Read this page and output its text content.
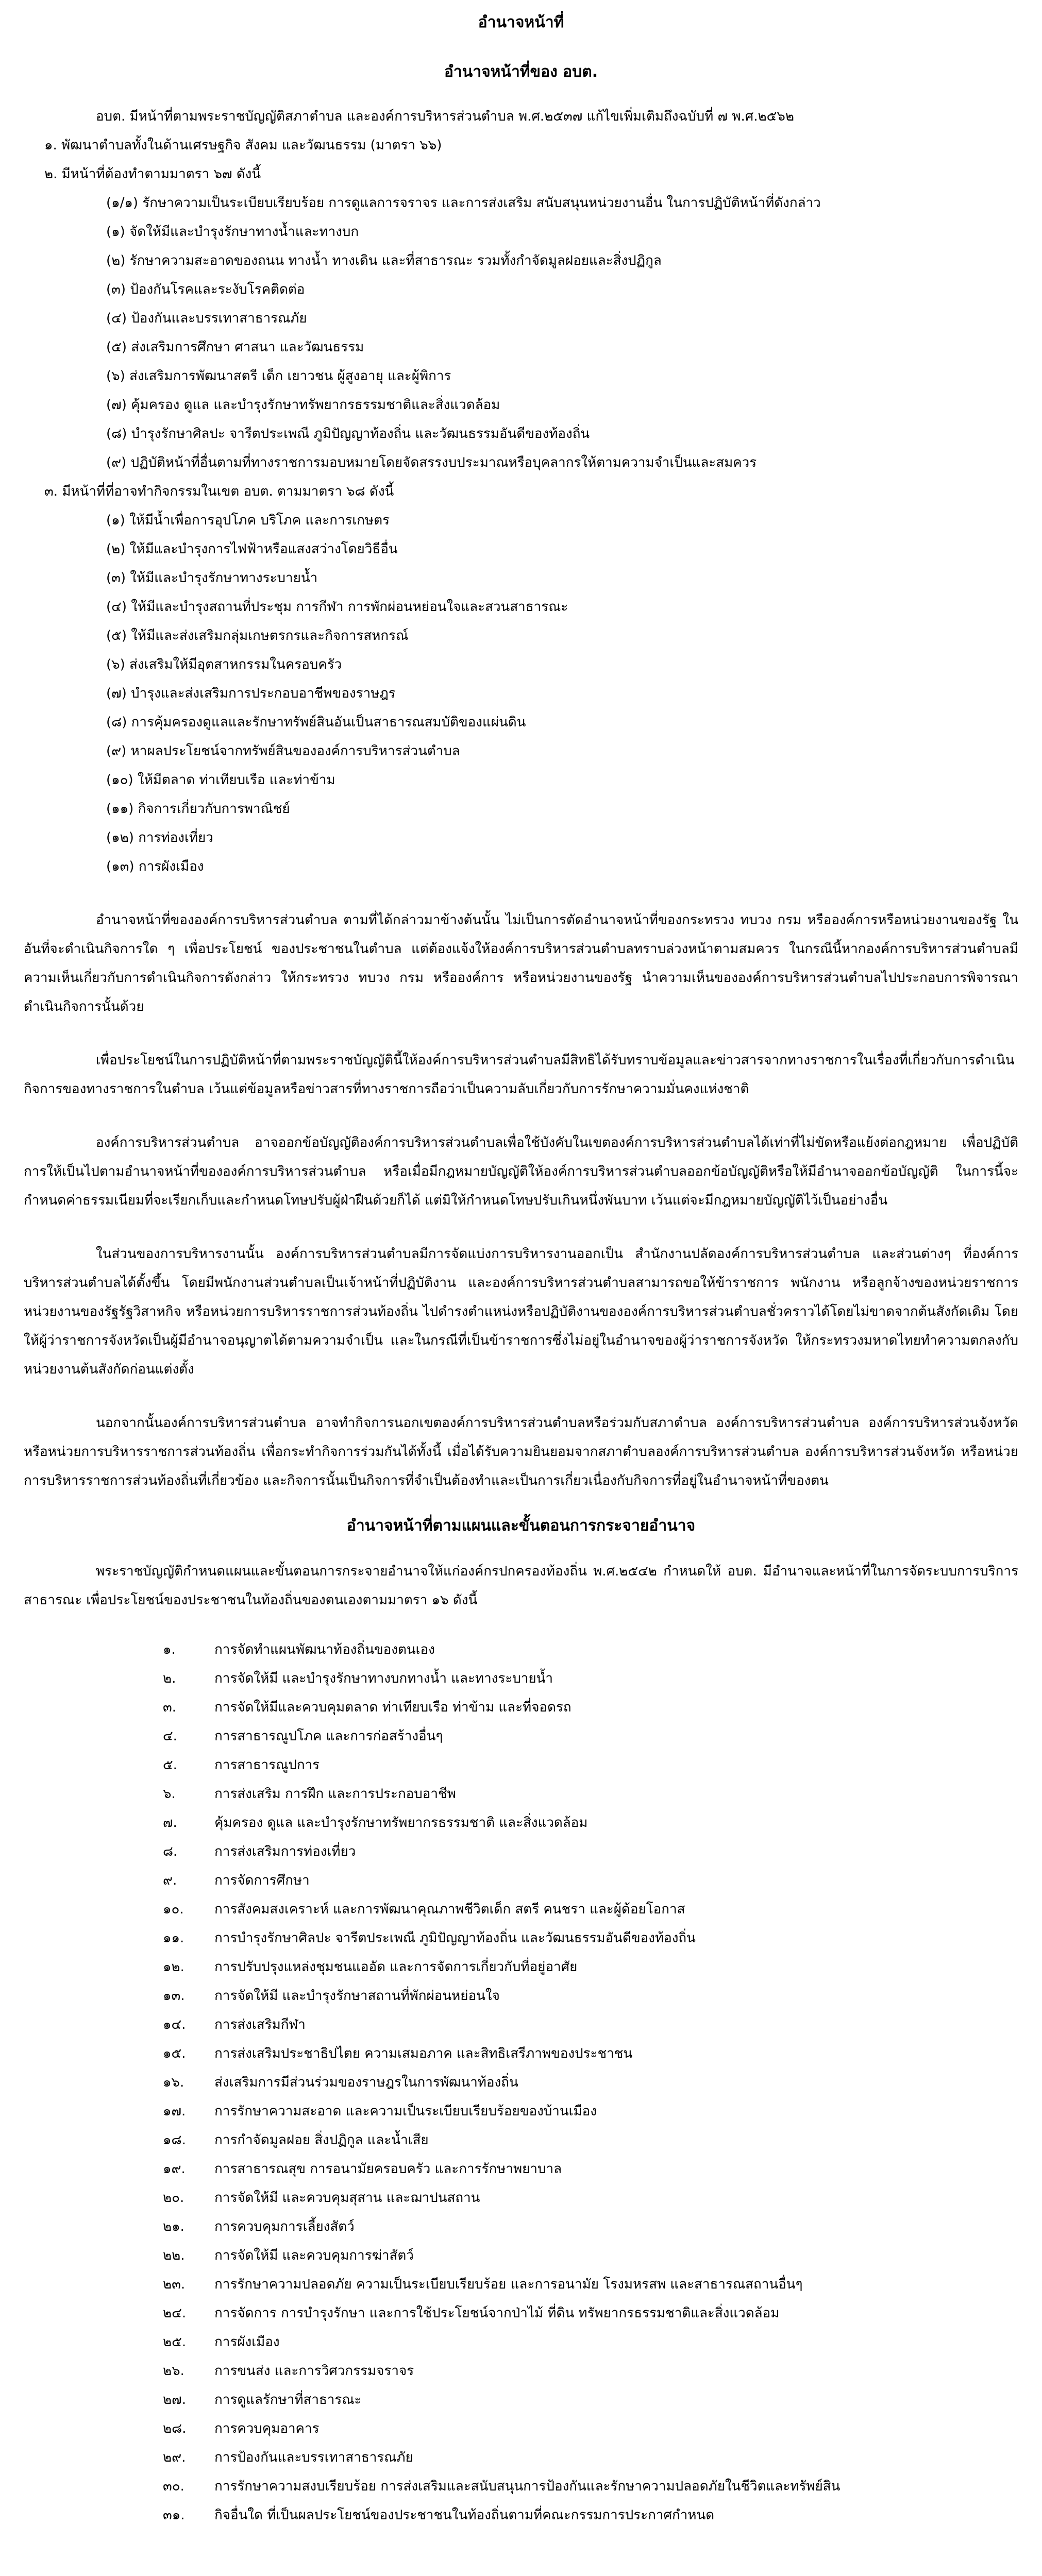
อำนาจหน้าที่
อำนาจหน้าที่ของ อบต.

อบต. มีหน้าที่ตามพระราชบัญญัติสภาตำบล และองค์การบริหารส่วนตำบล พ.ศ.๒๕๓๗ แก้ไขเพิ่มเติมถึงฉบับที่ ๗ พ.ศ.๒๕๖๒

๑. พัฒนาตำบลทั้งในด้านเศรษฐกิจ สังคม และวัฒนธรรม (มาตรา ๖๖)

๒. มีหน้าที่ต้องทำตามมาตรา ๖๗ ดังนี้

(๑/๑) รักษาความเป็นระเบียบเรียบร้อย การดูแลการจราจร และการส่งเสริม สนับสนุนหน่วยงานอื่น ในการปฏิบัติหน้าที่ดังกล่าว

(๑) จัดให้มีและบำรุงรักษาทางน้ำและทางบก
(๒) รักษาความสะอาดของถนน ทางน้ำ ทางเดิน และที่สาธารณะ รวมทั้งกำจัดมูลฝอยและสิ่งปฏิกูล
(๓) ป้องกันโรคและระงับโรคติดต่อ
(๔) ป้องกันและบรรเทาสาธารณภัย
(๕) ส่งเสริมการศึกษา ศาสนา และวัฒนธรรม
(๖) ส่งเสริมการพัฒนาสตรี เด็ก เยาวชน ผู้สูงอายุ และผู้พิการ
(๗) คุ้มครอง ดูแล และบำรุงรักษาทรัพยากรธรรมชาติและสิ่งแวดล้อม
(๘) บำรุงรักษาศิลปะ จารีตประเพณี ภูมิปัญญาท้องถิ่น และวัฒนธรรมอันดีของท้องถิ่น
(๙) ปฏิบัติหน้าที่อื่นตามที่ทางราชการมอบหมายโดยจัดสรรงบประมาณหรือบุคลากรให้ตามความจำเป็นและสมควร

๓. มีหน้าที่ที่อาจทำกิจกรรมในเขต อบต. ตามมาตรา ๖๘ ดังนี้

(๑) ให้มีน้ำเพื่อการอุปโภค บริโภค และการเกษตร
(๒) ให้มีและบำรุงการไฟฟ้าหรือแสงสว่างโดยวิธีอื่น
(๓) ให้มีและบำรุงรักษาทางระบายน้ำ
(๔) ให้มีและบำรุงสถานที่ประชุม การกีฬา การพักผ่อนหย่อนใจและสวนสาธารณะ
(๕) ให้มีและส่งเสริมกลุ่มเกษตรกรและกิจการสหกรณ์
(๖) ส่งเสริมให้มีอุตสาหกรรมในครอบครัว
(๗) บำรุงและส่งเสริมการประกอบอาชีพของราษฎร
(๘) การคุ้มครองดูแลและรักษาทรัพย์สินอันเป็นสาธารณสมบัติของแผ่นดิน
(๙) หาผลประโยชน์จากทรัพย์สินขององค์การบริหารส่วนตำบล
(๑๐) ให้มีตลาด ท่าเทียบเรือ และท่าข้าม
(๑๑) กิจการเกี่ยวกับการพาณิชย์
(๑๒) การท่องเที่ยว
(๑๓) การผังเมือง

อำนาจหน้าที่ขององค์การบริหารส่วนตำบล ตามที่ได้กล่าวมาข้างต้นนั้น ไม่เป็นการตัดอำนาจหน้าที่ของกระทรวง ทบวง กรม หรือองค์การหรือหน่วยงานของรัฐ ในอันที่จะดำเนินกิจการใด ๆ เพื่อประโยชน์ ของประชาชนในตำบล แต่ต้องแจ้งให้องค์การบริหารส่วนตำบลทราบล่วงหน้าตามสมควร ในกรณีนี้หากองค์การบริหารส่วนตำบลมีความเห็นเกี่ยวกับการดำเนินกิจการดังกล่าว ให้กระทรวง ทบวง กรม หรือองค์การ หรือหน่วยงานของรัฐ นำความเห็นขององค์การบริหารส่วนตำบลไปประกอบการพิจารณาดำเนินกิจการนั้นด้วย

เพื่อประโยชน์ในการปฏิบัติหน้าที่ตามพระราชบัญญัตินี้ให้องค์การบริหารส่วนตำบลมีสิทธิได้รับทราบข้อมูลและข่าวสารจากทางราชการในเรื่องที่เกี่ยวกับการดำเนินกิจการของทางราชการในตำบล เว้นแต่ข้อมูลหรือข่าวสารที่ทางราชการถือว่าเป็นความลับเกี่ยวกับการรักษาความมั่นคงแห่งชาติ

องค์การบริหารส่วนตำบล อาจออกข้อบัญญัติองค์การบริหารส่วนตำบลเพื่อใช้บังคับในเขตองค์การบริหารส่วนตำบลได้เท่าที่ไม่ขัดหรือแย้งต่อกฎหมาย เพื่อปฏิบัติการให้เป็นไปตามอำนาจหน้าที่ขององค์การบริหารส่วนตำบล หรือเมื่อมีกฎหมายบัญญัติให้องค์การบริหารส่วนตำบลออกข้อบัญญัติหรือให้มีอำนาจออกข้อบัญญัติ ในการนี้จะกำหนดค่าธรรมเนียมที่จะเรียกเก็บและกำหนดโทษปรับผู้ฝ่าฝืนด้วยก็ได้ แต่มิให้กำหนดโทษปรับเกินหนึ่งพันบาท เว้นแต่จะมีกฎหมายบัญญัติไว้เป็นอย่างอื่น

ในส่วนของการบริหารงานนั้น องค์การบริหารส่วนตำบลมีการจัดแบ่งการบริหารงานออกเป็น สำนักงานปลัดองค์การบริหารส่วนตำบล และส่วนต่างๆ ที่องค์การบริหารส่วนตำบลได้ตั้งขึ้น โดยมีพนักงานส่วนตำบลเป็นเจ้าหน้าที่ปฏิบัติงาน และองค์การบริหารส่วนตำบลสามารถขอให้ข้าราชการ พนักงาน หรือลูกจ้างของหน่วยราชการ หน่วยงานของรัฐรัฐวิสาหกิจ หรือหน่วยการบริหารราชการส่วนท้องถิ่น ไปดำรงตำแหน่งหรือปฏิบัติงานขององค์การบริหารส่วนตำบลชั่วคราวได้โดยไม่ขาดจากต้นสังกัดเดิม โดยให้ผู้ว่าราชการจังหวัดเป็นผู้มีอำนาจอนุญาตได้ตามความจำเป็น และในกรณีที่เป็นข้าราชการซึ่งไม่อยู่ในอำนาจของผู้ว่าราชการจังหวัด ให้กระทรวงมหาดไทยทำความตกลงกับหน่วยงานต้นสังกัดก่อนแต่งตั้ง

นอกจากนั้นองค์การบริหารส่วนตำบล อาจทำกิจการนอกเขตองค์การบริหารส่วนตำบลหรือร่วมกับสภาตำบล องค์การบริหารส่วนตำบล องค์การบริหารส่วนจังหวัด หรือหน่วยการบริหารราชการส่วนท้องถิ่น เพื่อกระทำกิจการร่วมกันได้ทั้งนี้ เมื่อได้รับความยินยอมจากสภาตำบลองค์การบริหารส่วนตำบล องค์การบริหารส่วนจังหวัด หรือหน่วยการบริหารราชการส่วนท้องถิ่นที่เกี่ยวข้อง และกิจการนั้นเป็นกิจการที่จำเป็นต้องทำและเป็นการเกี่ยวเนื่องกับกิจการที่อยู่ในอำนาจหน้าที่ของตน

อำนาจหน้าที่ตามแผนและขั้นตอนการกระจายอำนาจ

พระราชบัญญัติกำหนดแผนและขั้นตอนการกระจายอำนาจให้แก่องค์กรปกครองท้องถิ่น พ.ศ.๒๕๔๒ กำหนดให้ อบต. มีอำนาจและหน้าที่ในการจัดระบบการบริการสาธารณะ เพื่อประโยชน์ของประชาชนในท้องถิ่นของตนเองตามมาตรา ๑๖ ดังนี้

๑.	การจัดทำแผนพัฒนาท้องถิ่นของตนเอง
๒.	การจัดให้มี และบำรุงรักษาทางบกทางน้ำ และทางระบายน้ำ
๓.	การจัดให้มีและควบคุมตลาด ท่าเทียบเรือ ท่าข้าม และที่จอดรถ
๔.	การสาธารณูปโภค และการก่อสร้างอื่นๆ
๕.	การสาธารณูปการ
๖.	การส่งเสริม การฝึก และการประกอบอาชีพ
๗.	คุ้มครอง ดูแล และบำรุงรักษาทรัพยากรธรรมชาติ และสิ่งแวดล้อม
๘.	การส่งเสริมการท่องเที่ยว
๙.	การจัดการศึกษา
๑๐. การสังคมสงเคราะห์ และการพัฒนาคุณภาพชีวิตเด็ก สตรี คนชรา และผู้ด้อยโอกาส
๑๑. การบำรุงรักษาศิลปะ จารีตประเพณี ภูมิปัญญาท้องถิ่น และวัฒนธรรมอันดีของท้องถิ่น
๑๒. การปรับปรุงแหล่งชุมชนแออัด และการจัดการเกี่ยวกับที่อยู่อาศัย
๑๓. การจัดให้มี และบำรุงรักษาสถานที่พักผ่อนหย่อนใจ
๑๔. การส่งเสริมกีฬา
๑๕. การส่งเสริมประชาธิปไตย ความเสมอภาค และสิทธิเสรีภาพของประชาชน
๑๖. ส่งเสริมการมีส่วนร่วมของราษฎรในการพัฒนาท้องถิ่น
๑๗. การรักษาความสะอาด และความเป็นระเบียบเรียบร้อยของบ้านเมือง
๑๘. การกำจัดมูลฝอย สิ่งปฏิกูล และน้ำเสีย
๑๙. การสาธารณสุข การอนามัยครอบครัว และการรักษาพยาบาล
๒๐. การจัดให้มี และควบคุมสุสาน และฌาปนสถาน
๒๑. การควบคุมการเลี้ยงสัตว์
๒๒. การจัดให้มี และควบคุมการฆ่าสัตว์
๒๓. การรักษาความปลอดภัย ความเป็นระเบียบเรียบร้อย และการอนามัย โรงมหรสพ และสาธารณสถานอื่นๆ
๒๔. การจัดการ การบำรุงรักษา และการใช้ประโยชน์จากป่าไม้ ที่ดิน ทรัพยากรธรรมชาติและสิ่งแวดล้อม
๒๕. การผังเมือง
๒๖. การขนส่ง และการวิศวกรรมจราจร
๒๗. การดูแลรักษาที่สาธารณะ
๒๘. การควบคุมอาคาร
๒๙. การป้องกันและบรรเทาสาธารณภัย
๓๐. การรักษาความสงบเรียบร้อย การส่งเสริมและสนับสนุนการป้องกันและรักษาความปลอดภัยในชีวิตและทรัพย์สิน
๓๑. กิจอื่นใด ที่เป็นผลประโยชน์ของประชาชนในท้องถิ่นตามที่คณะกรรมการประกาศกำหนด
